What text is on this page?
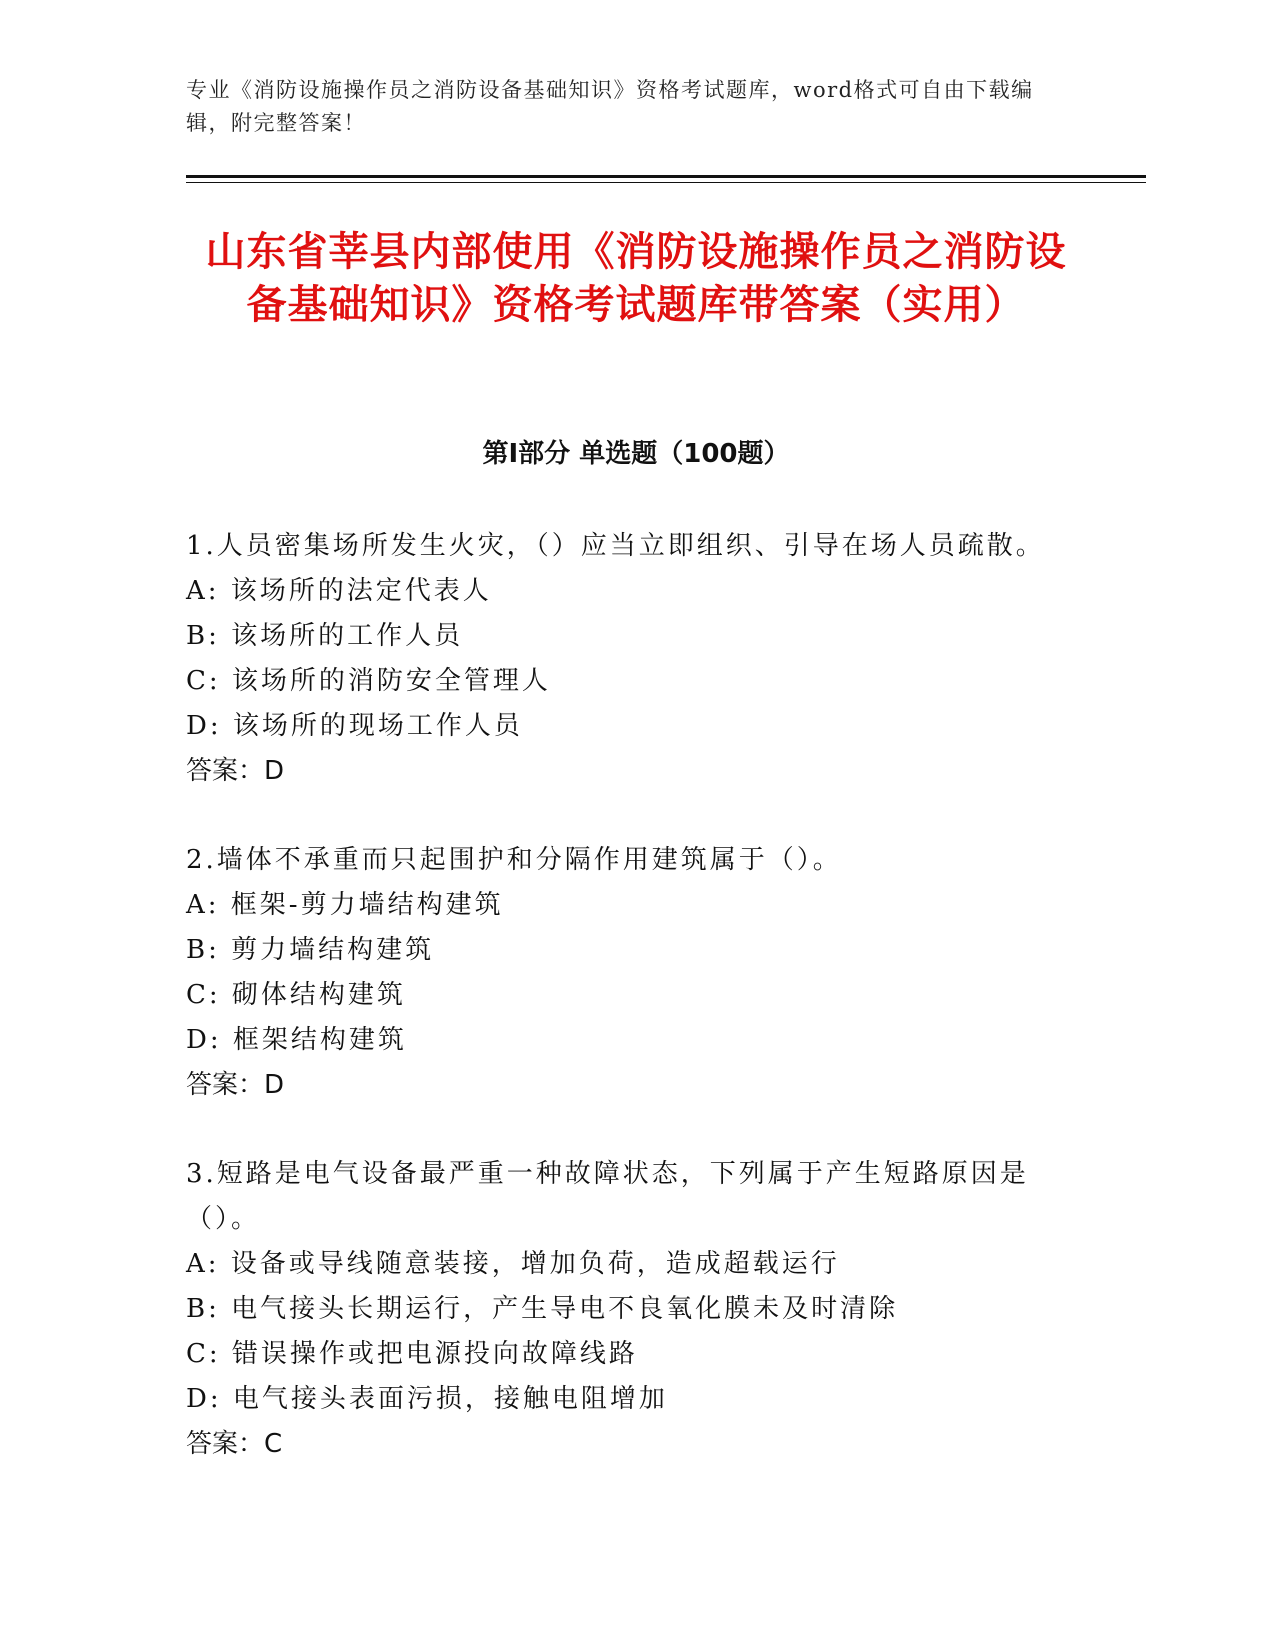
专业《消防设施操作员之消防设备基础知识》资格考试题库，word格式可自由下载编辑，附完整答案！
山东省莘县内部使用《消防设施操作员之消防设备基础知识》资格考试题库带答案（实用）
第I部分 单选题（100题）
1.人员密集场所发生火灾，（）应当立即组织、引导在场人员疏散。
A: 该场所的法定代表人
B: 该场所的工作人员
C: 该场所的消防安全管理人
D: 该场所的现场工作人员
答案：D
2.墙体不承重而只起围护和分隔作用建筑属于（）。
A: 框架-剪力墙结构建筑
B: 剪力墙结构建筑
C: 砌体结构建筑
D: 框架结构建筑
答案：D
3.短路是电气设备最严重一种故障状态，下列属于产生短路原因是（）。
A: 设备或导线随意装接，增加负荷，造成超载运行
B: 电气接头长期运行，产生导电不良氧化膜未及时清除
C: 错误操作或把电源投向故障线路
D: 电气接头表面污损，接触电阻增加
答案：C
